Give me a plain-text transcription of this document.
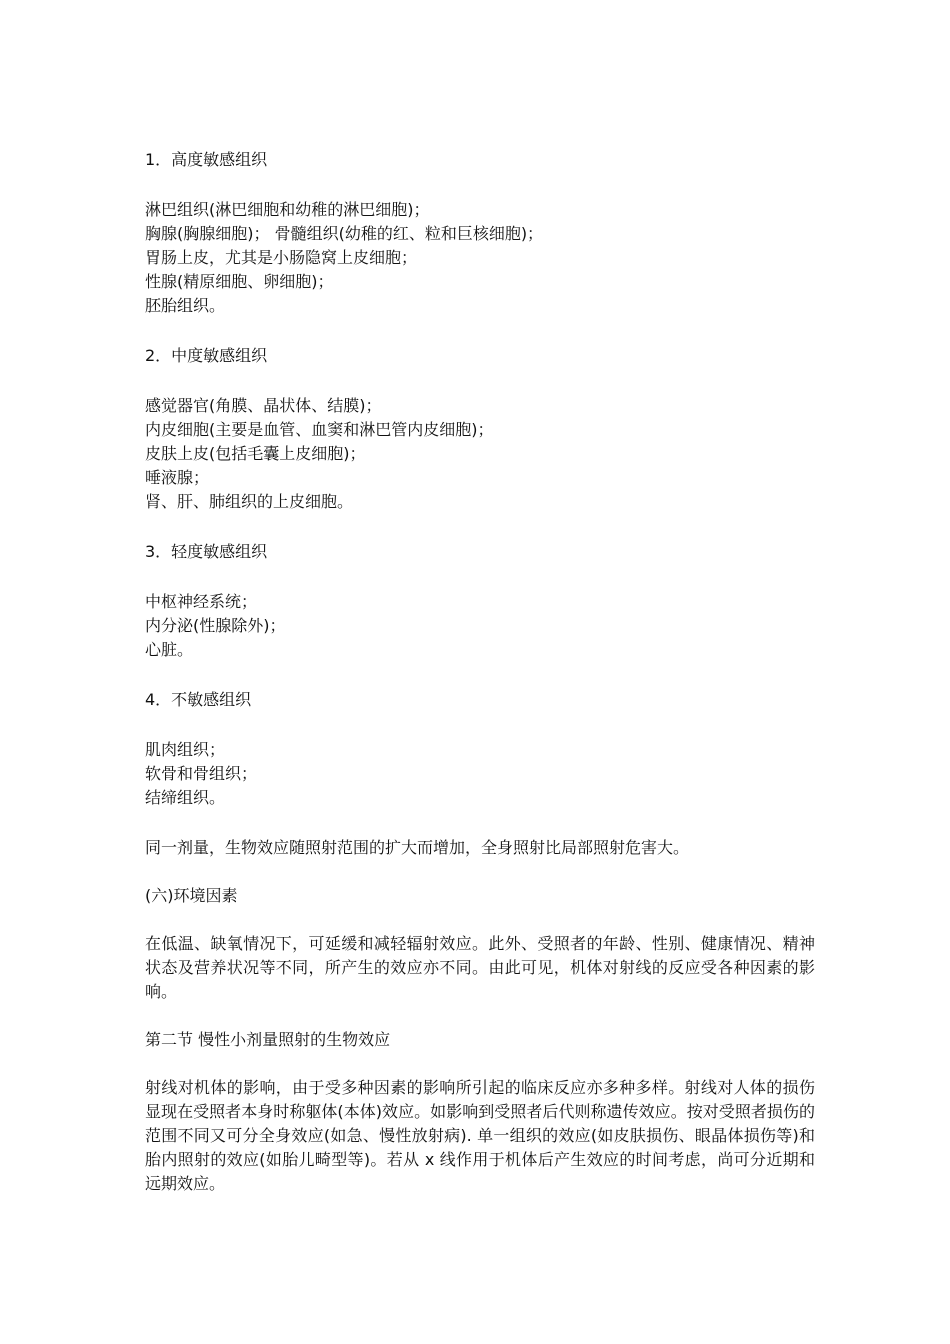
1．高度敏感组织
淋巴组织(淋巴细胞和幼稚的淋巴细胞)；
胸腺(胸腺细胞)； 骨髓组织(幼稚的红、粒和巨核细胞)；
胃肠上皮，尤其是小肠隐窝上皮细胞；
性腺(精原细胞、卵细胞)；
胚胎组织。
2．中度敏感组织
感觉器官(角膜、晶状体、结膜)；
内皮细胞(主要是血管、血窦和淋巴管内皮细胞)；
皮肤上皮(包括毛囊上皮细胞)；
唾液腺；
肾、肝、肺组织的上皮细胞。
3．轻度敏感组织
中枢神经系统；
内分泌(性腺除外)；
心脏。
4．不敏感组织
肌肉组织；
软骨和骨组织；
结缔组织。
同一剂量，生物效应随照射范围的扩大而增加，全身照射比局部照射危害大。
(六)环境因素
在低温、缺氧情况下，可延缓和减轻辐射效应。此外、受照者的年龄、性别、健康情况、精神状态及营养状况等不同，所产生的效应亦不同。由此可见，机体对射线的反应受各种因素的影响。
第二节 慢性小剂量照射的生物效应
射线对机体的影响，由于受多种因素的影响所引起的临床反应亦多种多样。射线对人体的损伤显现在受照者本身时称躯体(本体)效应。如影响到受照者后代则称遗传效应。按对受照者损伤的范围不同又可分全身效应(如急、慢性放射病). 单一组织的效应(如皮肤损伤、眼晶体损伤等)和胎内照射的效应(如胎儿畸型等)。若从 x 线作用于机体后产生效应的时间考虑，尚可分近期和远期效应。
